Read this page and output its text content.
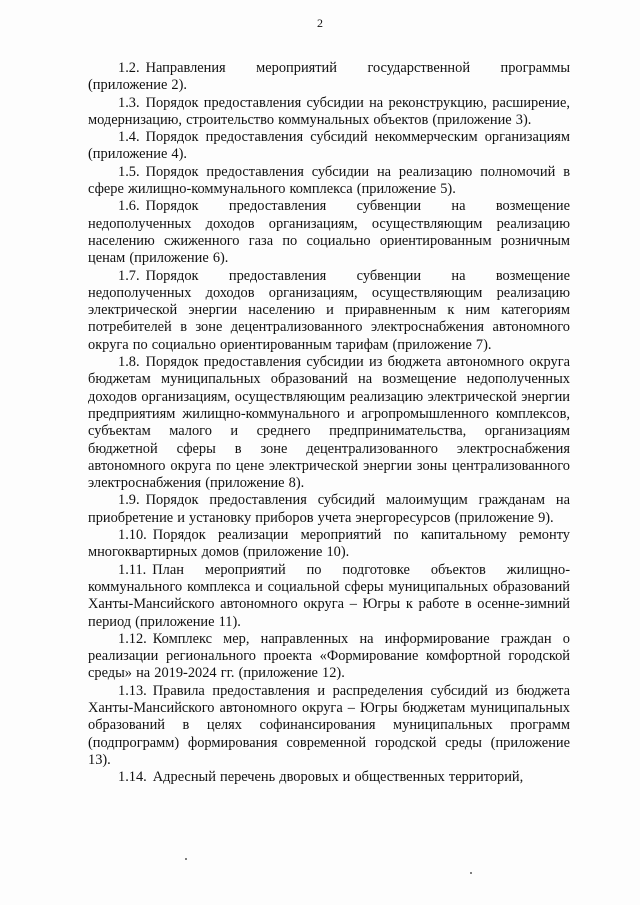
2

1.2. Направления мероприятий государственной программы (приложение 2).

1.3. Порядок предоставления субсидии на реконструкцию, расширение, модернизацию, строительство коммунальных объектов (приложение 3).

1.4. Порядок предоставления субсидий некоммерческим организациям (приложение 4).

1.5. Порядок предоставления субсидии на реализацию полномочий в сфере жилищно-коммунального комплекса (приложение 5).

1.6. Порядок предоставления субвенции на возмещение недополученных доходов организациям, осуществляющим реализацию населению сжиженного газа по социально ориентированным розничным ценам (приложение 6).

1.7. Порядок предоставления субвенции на возмещение недополученных доходов организациям, осуществляющим реализацию электрической энергии населению и приравненным к ним категориям потребителей в зоне децентрализованного электроснабжения автономного округа по социально ориентированным тарифам (приложение 7).

1.8. Порядок предоставления субсидии из бюджета автономного округа бюджетам муниципальных образований на возмещение недополученных доходов организациям, осуществляющим реализацию электрической энергии предприятиям жилищно-коммунального и агропромышленного комплексов, субъектам малого и среднего предпринимательства, организациям бюджетной сферы в зоне децентрализованного электроснабжения автономного округа по цене электрической энергии зоны централизованного электроснабжения (приложение 8).

1.9. Порядок предоставления субсидий малоимущим гражданам на приобретение и установку приборов учета энергоресурсов (приложение 9).

1.10. Порядок реализации мероприятий по капитальному ремонту многоквартирных домов (приложение 10).

1.11. План мероприятий по подготовке объектов жилищно-коммунального комплекса и социальной сферы муниципальных образований Ханты-Мансийского автономного округа – Югры к работе в осенне-зимний период (приложение 11).

1.12. Комплекс мер, направленных на информирование граждан о реализации регионального проекта «Формирование комфортной городской среды» на 2019-2024 гг. (приложение 12).

1.13. Правила предоставления и распределения субсидий из бюджета Ханты-Мансийского автономного округа – Югры бюджетам муниципальных образований в целях софинансирования муниципальных программ (подпрограмм) формирования современной городской среды (приложение 13).

1.14. Адресный перечень дворовых и общественных территорий,
